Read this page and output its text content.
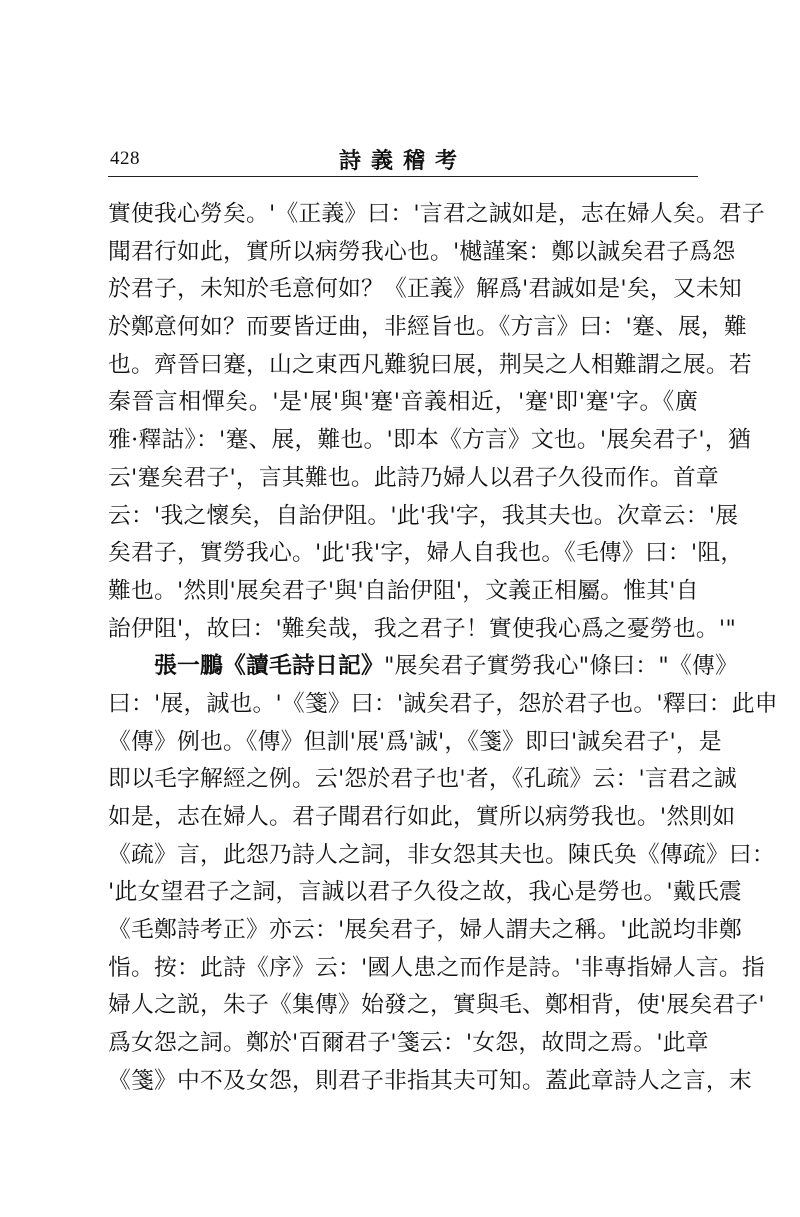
428	詩義稽考
實使我心勞矣。'《正義》曰：'言君之誠如是，志在婦人矣。君子
聞君行如此，實所以病勞我心也。'樾謹案：鄭以誠矣君子爲怨
於君子，未知於毛意何如？《正義》解爲'君誠如是'矣，又未知
於鄭意何如？而要皆迂曲，非經旨也。《方言》曰：'蹇、展，難
也。齊晉曰蹇，山之東西凡難貌曰展，荆吴之人相難謂之展。若
秦晉言相憚矣。'是'展'與'蹇'音義相近，'蹇'即'蹇'字。《廣
雅·釋詁》：'蹇、展，難也。'即本《方言》文也。'展矣君子'，猶
云'蹇矣君子'，言其難也。此詩乃婦人以君子久役而作。首章
云：'我之懷矣，自詒伊阻。'此'我'字，我其夫也。次章云：'展
矣君子，實勞我心。'此'我'字，婦人自我也。《毛傳》曰：'阻，
難也。'然則'展矣君子'與'自詒伊阻'，文義正相屬。惟其'自
詒伊阻'，故曰：'難矣哉，我之君子！實使我心爲之憂勞也。'"
張一鵬《讀毛詩日記》"展矣君子實勞我心"條曰："《傳》
曰：'展，誠也。'《箋》曰：'誠矣君子，怨於君子也。'釋曰：此申
《傳》例也。《傳》但訓'展'爲'誠'，《箋》即曰'誠矣君子'，是
即以毛字解經之例。云'怨於君子也'者，《孔疏》云：'言君之誠
如是，志在婦人。君子聞君行如此，實所以病勞我也。'然則如
《疏》言，此怨乃詩人之詞，非女怨其夫也。陳氏奂《傳疏》曰：
'此女望君子之詞，言誠以君子久役之故，我心是勞也。'戴氏震
《毛鄭詩考正》亦云：'展矣君子，婦人謂夫之稱。'此説均非鄭
恉。按：此詩《序》云：'國人患之而作是詩。'非專指婦人言。指
婦人之説，朱子《集傳》始發之，實與毛、鄭相背，使'展矣君子'
爲女怨之詞。鄭於'百爾君子'箋云：'女怨，故問之焉。'此章
《箋》中不及女怨，則君子非指其夫可知。蓋此章詩人之言，末
